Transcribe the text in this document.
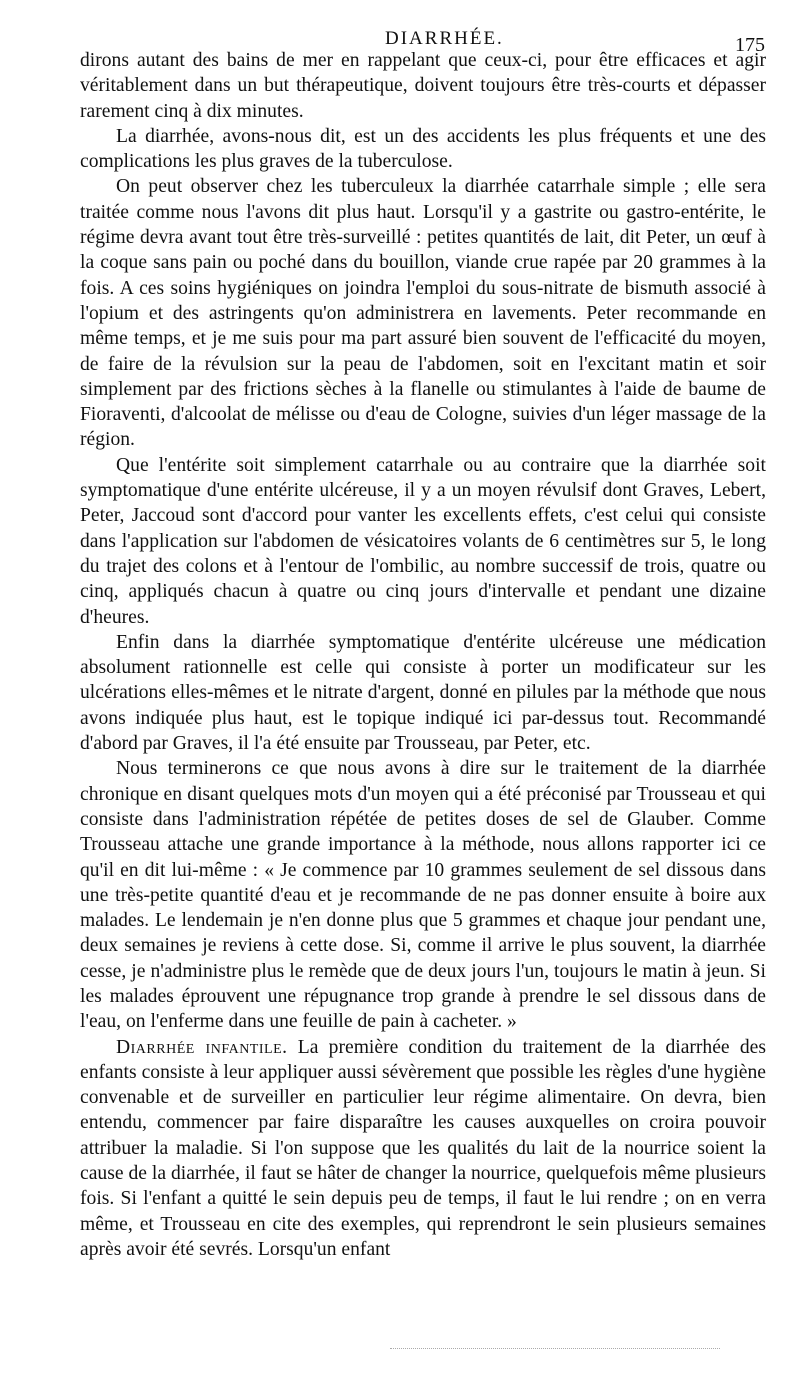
DIARRHÉE.	175

dirons autant des bains de mer en rappelant que ceux-ci, pour être efficaces et agir véritablement dans un but thérapeutique, doivent toujours être très-courts et dépasser rarement cinq à dix minutes.

La diarrhée, avons-nous dit, est un des accidents les plus fréquents et une des complications les plus graves de la tuberculose.

On peut observer chez les tuberculeux la diarrhée catarrhale simple ; elle sera traitée comme nous l'avons dit plus haut. Lorsqu'il y a gastrite ou gastro-entérite, le régime devra avant tout être très-surveillé : petites quantités de lait, dit Peter, un œuf à la coque sans pain ou poché dans du bouillon, viande crue rapée par 20 grammes à la fois. A ces soins hygiéniques on joindra l'emploi du sous-nitrate de bismuth associé à l'opium et des astringents qu'on administrera en lavements. Peter recommande en même temps, et je me suis pour ma part assuré bien souvent de l'efficacité du moyen, de faire de la révulsion sur la peau de l'abdomen, soit en l'excitant matin et soir simplement par des frictions sèches à la flanelle ou stimulantes à l'aide de baume de Fioraventi, d'alcoolat de mélisse ou d'eau de Cologne, suivies d'un léger massage de la région.

Que l'entérite soit simplement catarrhale ou au contraire que la diarrhée soit symptomatique d'une entérite ulcéreuse, il y a un moyen révulsif dont Graves, Lebert, Peter, Jaccoud sont d'accord pour vanter les excellents effets, c'est celui qui consiste dans l'application sur l'abdomen de vésicatoires volants de 6 centimètres sur 5, le long du trajet des colons et à l'entour de l'ombilic, au nombre successif de trois, quatre ou cinq, appliqués chacun à quatre ou cinq jours d'intervalle et pendant une dizaine d'heures.

Enfin dans la diarrhée symptomatique d'entérite ulcéreuse une médication absolument rationnelle est celle qui consiste à porter un modificateur sur les ulcérations elles-mêmes et le nitrate d'argent, donné en pilules par la méthode que nous avons indiquée plus haut, est le topique indiqué ici par-dessus tout. Recommandé d'abord par Graves, il l'a été ensuite par Trousseau, par Peter, etc.

Nous terminerons ce que nous avons à dire sur le traitement de la diarrhée chronique en disant quelques mots d'un moyen qui a été préconisé par Trousseau et qui consiste dans l'administration répétée de petites doses de sel de Glauber. Comme Trousseau attache une grande importance à la méthode, nous allons rapporter ici ce qu'il en dit lui-même : « Je commence par 10 grammes seulement de sel dissous dans une très-petite quantité d'eau et je recommande de ne pas donner ensuite à boire aux malades. Le lendemain je n'en donne plus que 5 grammes et chaque jour pendant une, deux semaines je reviens à cette dose. Si, comme il arrive le plus souvent, la diarrhée cesse, je n'administre plus le remède que de deux jours l'un, toujours le matin à jeun. Si les malades éprouvent une répugnance trop grande à prendre le sel dissous dans de l'eau, on l'enferme dans une feuille de pain à cacheter. »

Diarrhée infantile. La première condition du traitement de la diarrhée des enfants consiste à leur appliquer aussi sévèrement que possible les règles d'une hygiène convenable et de surveiller en particulier leur régime alimentaire. On devra, bien entendu, commencer par faire disparaître les causes auxquelles on croira pouvoir attribuer la maladie. Si l'on suppose que les qualités du lait de la nourrice soient la cause de la diarrhée, il faut se hâter de changer la nourrice, quelquefois même plusieurs fois. Si l'enfant a quitté le sein depuis peu de temps, il faut le lui rendre ; on en verra même, et Trousseau en cite des exemples, qui reprendront le sein plusieurs semaines après avoir été sevrés. Lorsqu'un enfant
